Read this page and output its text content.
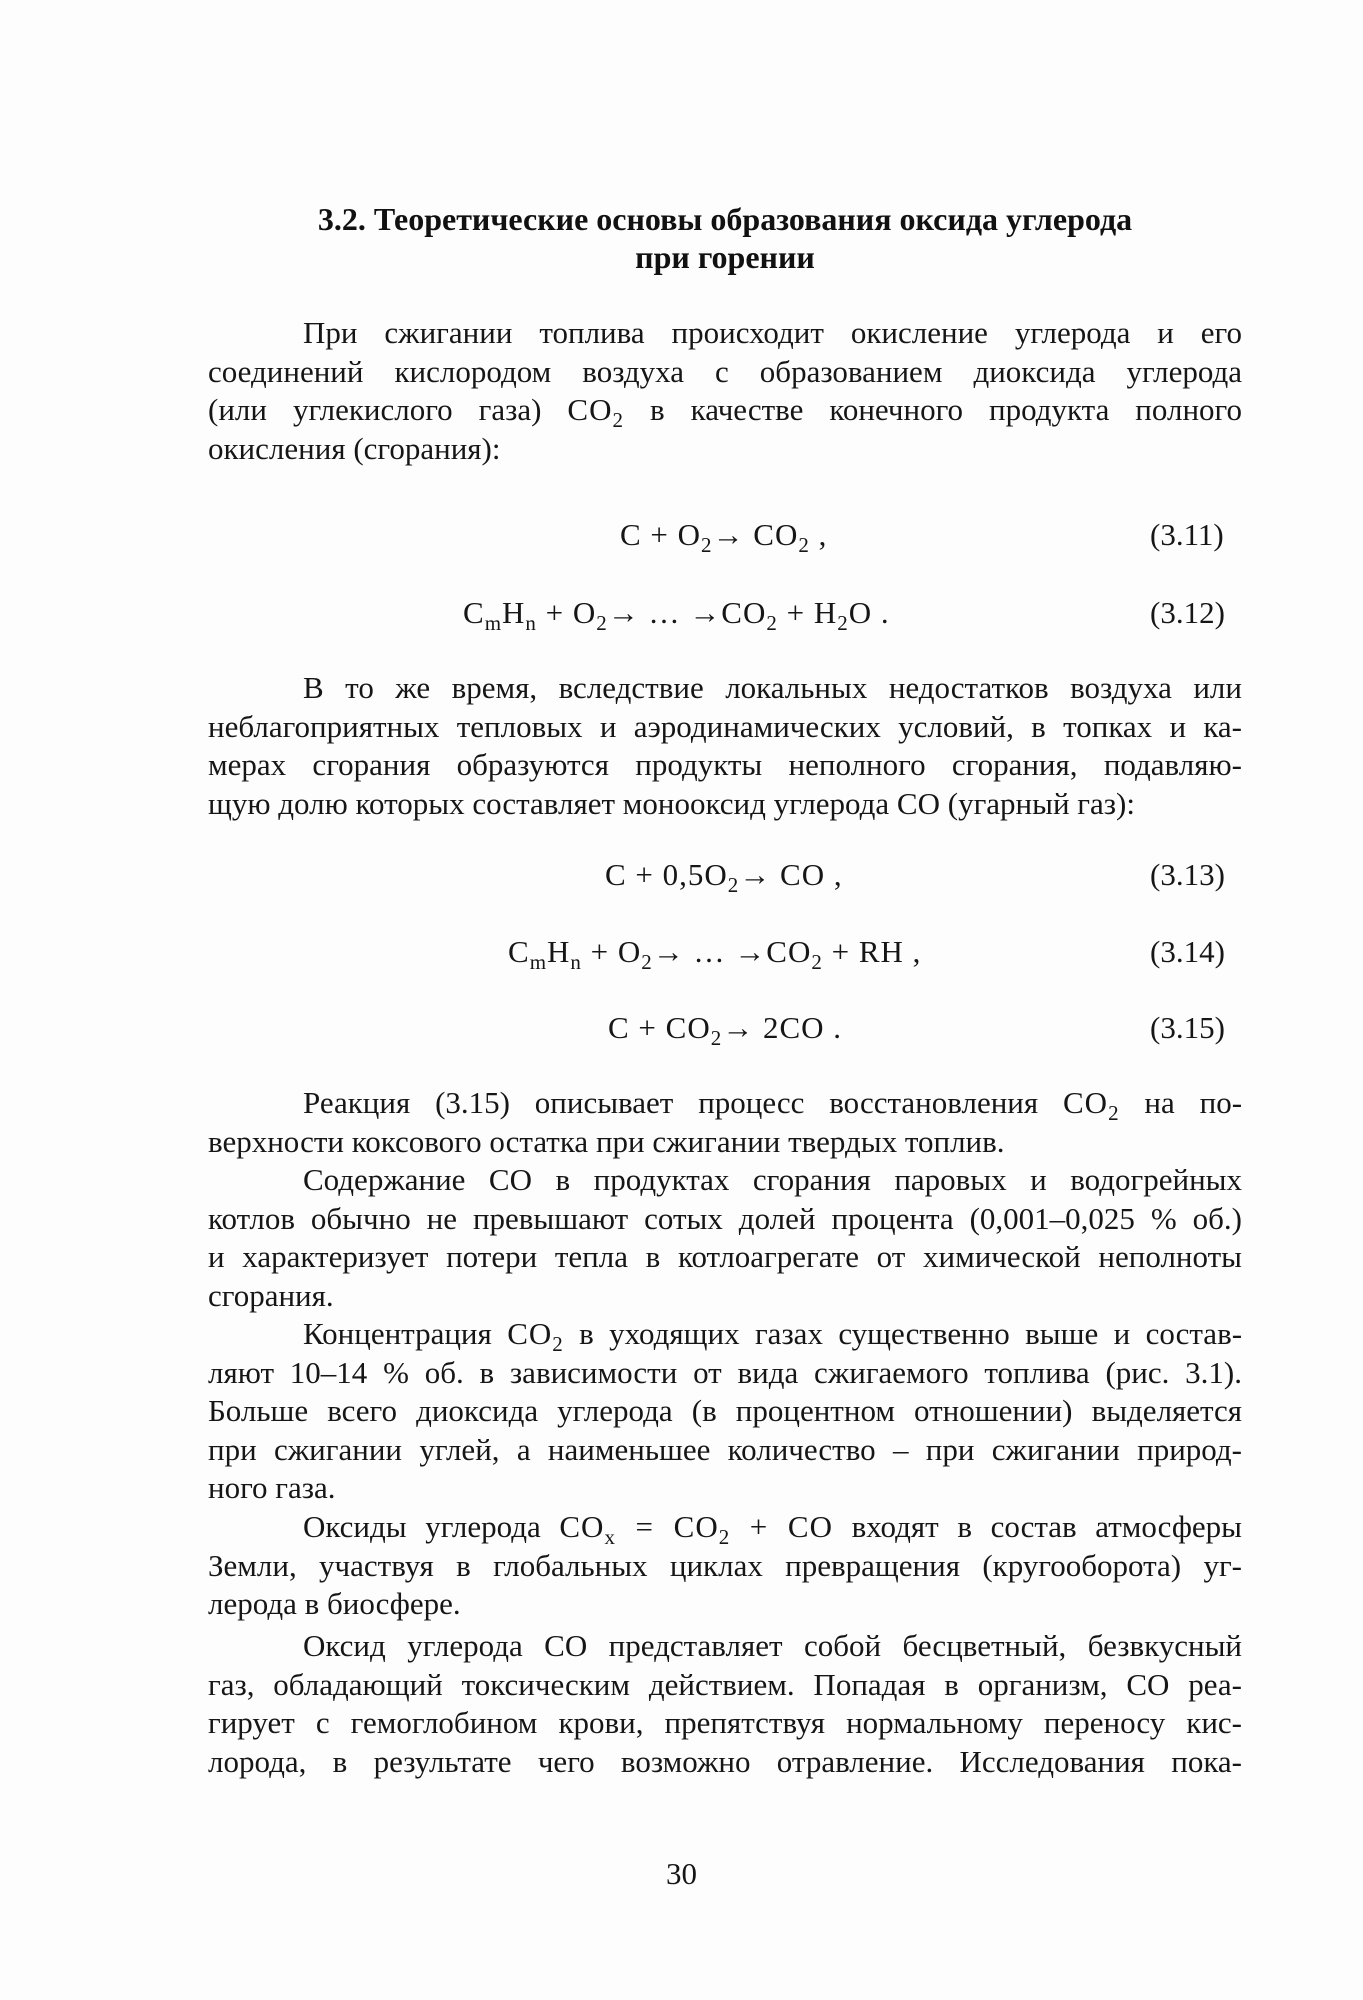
3.2. Теоретические основы образования оксида углерода
при горении
При сжигании топлива происходит окисление углерода и его
соединений кислородом воздуха с образованием диоксида углерода
(или углекислого газа) $CO_2$ в качестве конечного продукта полного
окисления (сгорания):
$C + O_2\to CO_2$ ,	(3.11)
$C_mH_n + O_2\to$ … $\to CO_2 + H_2O$ .	(3.12)
В то же время, вследствие локальных недостатков воздуха или
неблагоприятных тепловых и аэродинамических условий, в топках и ка-
мерах сгорания образуются продукты неполного сгорания, подавляю-
щую долю которых составляет монооксид углерода СО (угарный газ):
$C + 0,5O_2\to$ CO ,	(3.13)
$C_mH_n + O_2\to$ … $\to CO_2$ + RH ,	(3.14)
$C + CO_2\to 2CO$ .	(3.15)
Реакция (3.15) описывает процесс восстановления $CO_2$ на по-
верхности коксового остатка при сжигании твердых топлив.
Содержание СО в продуктах сгорания паровых и водогрейных
котлов обычно не превышают сотых долей процента (0,001–0,025 % об.)
и характеризует потери тепла в котлоагрегате от химической неполноты
сгорания.
Концентрация $CO_2$ в уходящих газах существенно выше и состав-
ляют 10–14 % об. в зависимости от вида сжигаемого топлива (рис. 3.1).
Больше всего диоксида углерода (в процентном отношении) выделяется
при сжигании углей, а наименьшее количество – при сжигании природ-
ного газа.
Оксиды углерода $CO_x = CO_2$ + CO входят в состав атмосферы
Земли, участвуя в глобальных циклах превращения (кругооборота) уг-
лерода в биосфере.
Оксид углерода СО представляет собой бесцветный, безвкусный
газ, обладающий токсическим действием. Попадая в организм, СО реа-
гирует с гемоглобином крови, препятствуя нормальному переносу кис-
лорода, в результате чего возможно отравление. Исследования пока-
30
